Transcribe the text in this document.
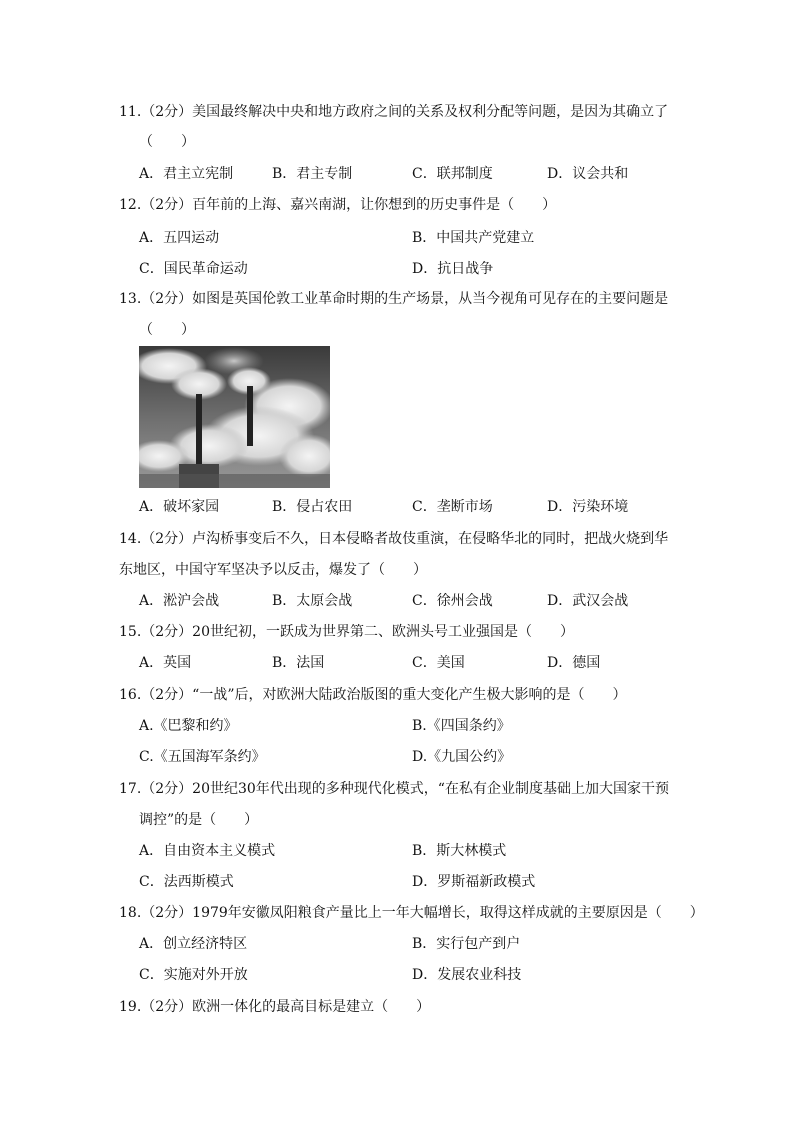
11.（2分）美国最终解决中央和地方政府之间的关系及权利分配等问题，是因为其确立了
（　　）
A．君主立宪制	B．君主专制	C．联邦制度	D．议会共和
12.（2分）百年前的上海、嘉兴南湖，让你想到的历史事件是（　　）
A．五四运动	B．中国共产党建立
C．国民革命运动	D．抗日战争
13.（2分）如图是英国伦敦工业革命时期的生产场景，从当今视角可见存在的主要问题是
（　　）
A．破坏家园	B．侵占农田	C．垄断市场	D．污染环境
14.（2分）卢沟桥事变后不久，日本侵略者故伎重演，在侵略华北的同时，把战火烧到华
东地区，中国守军坚决予以反击，爆发了（　　）
A．淞沪会战	B．太原会战	C．徐州会战	D．武汉会战
15.（2分）20世纪初，一跃成为世界第二、欧洲头号工业强国是（　　）
A．英国	B．法国	C．美国	D．德国
16.（2分）“一战”后，对欧洲大陆政治版图的重大变化产生极大影响的是（　　）
A.《巴黎和约》	B.《四国条约》
C.《五国海军条约》	D.《九国公约》
17.（2分）20世纪30年代出现的多种现代化模式，“在私有企业制度基础上加大国家干预
调控”的是（　　）
A．自由资本主义模式	B．斯大林模式
C．法西斯模式	D．罗斯福新政模式
18.（2分）1979年安徽凤阳粮食产量比上一年大幅增长，取得这样成就的主要原因是（　　）
A．创立经济特区	B．实行包产到户
C．实施对外开放	D．发展农业科技
19.（2分）欧洲一体化的最高目标是建立（　　）
